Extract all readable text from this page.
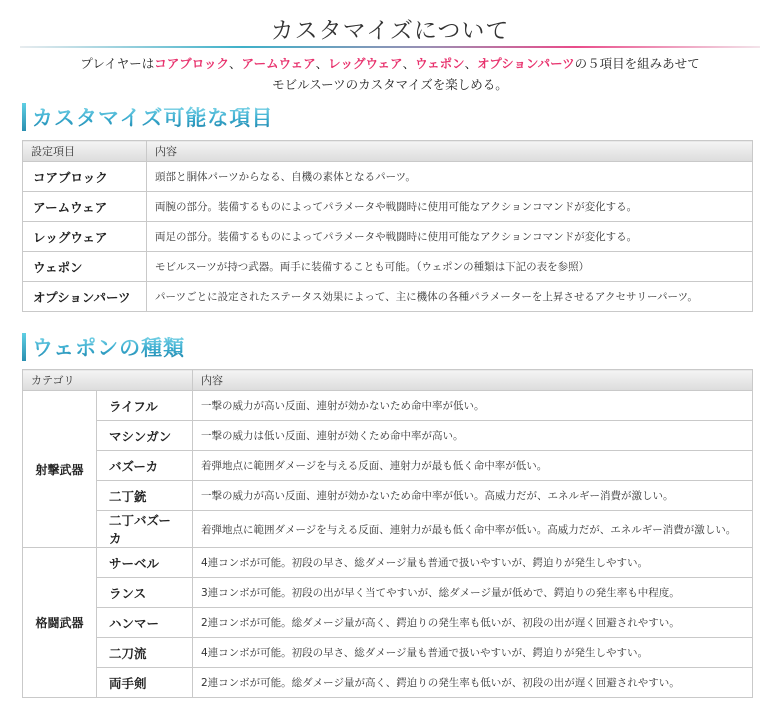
カスタマイズについて
プレイヤーはコアブロック、アームウェア、レッグウェア、ウェポン、オプションパーツの５項目を組みあせて
モビルスーツのカスタマイズを楽しめる。
カスタマイズ可能な項目
設定項目	内容
コアブロック	頭部と胴体パーツからなる、自機の素体となるパーツ。
アームウェア	両腕の部分。装備するものによってパラメータや戦闘時に使用可能なアクションコマンドが変化する。
レッグウェア	両足の部分。装備するものによってパラメータや戦闘時に使用可能なアクションコマンドが変化する。
ウェポン	モビルスーツが持つ武器。両手に装備することも可能。（ウェポンの種類は下記の表を参照）
オプションパーツ	パーツごとに設定されたステータス効果によって、主に機体の各種パラメーターを上昇させるアクセサリーパーツ。
ウェポンの種類
カテゴリ		内容
射撃武器	ライフル	一撃の威力が高い反面、連射が効かないため命中率が低い。
	マシンガン	一撃の威力は低い反面、連射が効くため命中率が高い。
	バズーカ	着弾地点に範囲ダメージを与える反面、連射力が最も低く命中率が低い。
	二丁銃	一撃の威力が高い反面、連射が効かないため命中率が低い。高威力だが、エネルギー消費が激しい。
	二丁バズーカ	着弾地点に範囲ダメージを与える反面、連射力が最も低く命中率が低い。高威力だが、エネルギー消費が激しい。
格闘武器	サーベル	4連コンボが可能。初段の早さ、総ダメージ量も普通で扱いやすいが、鍔迫りが発生しやすい。
	ランス	3連コンボが可能。初段の出が早く当てやすいが、総ダメージ量が低めで、鍔迫りの発生率も中程度。
	ハンマー	2連コンボが可能。総ダメージ量が高く、鍔迫りの発生率も低いが、初段の出が遅く回避されやすい。
	二刀流	4連コンボが可能。初段の早さ、総ダメージ量も普通で扱いやすいが、鍔迫りが発生しやすい。
	両手剣	2連コンボが可能。総ダメージ量が高く、鍔迫りの発生率も低いが、初段の出が遅く回避されやすい。
